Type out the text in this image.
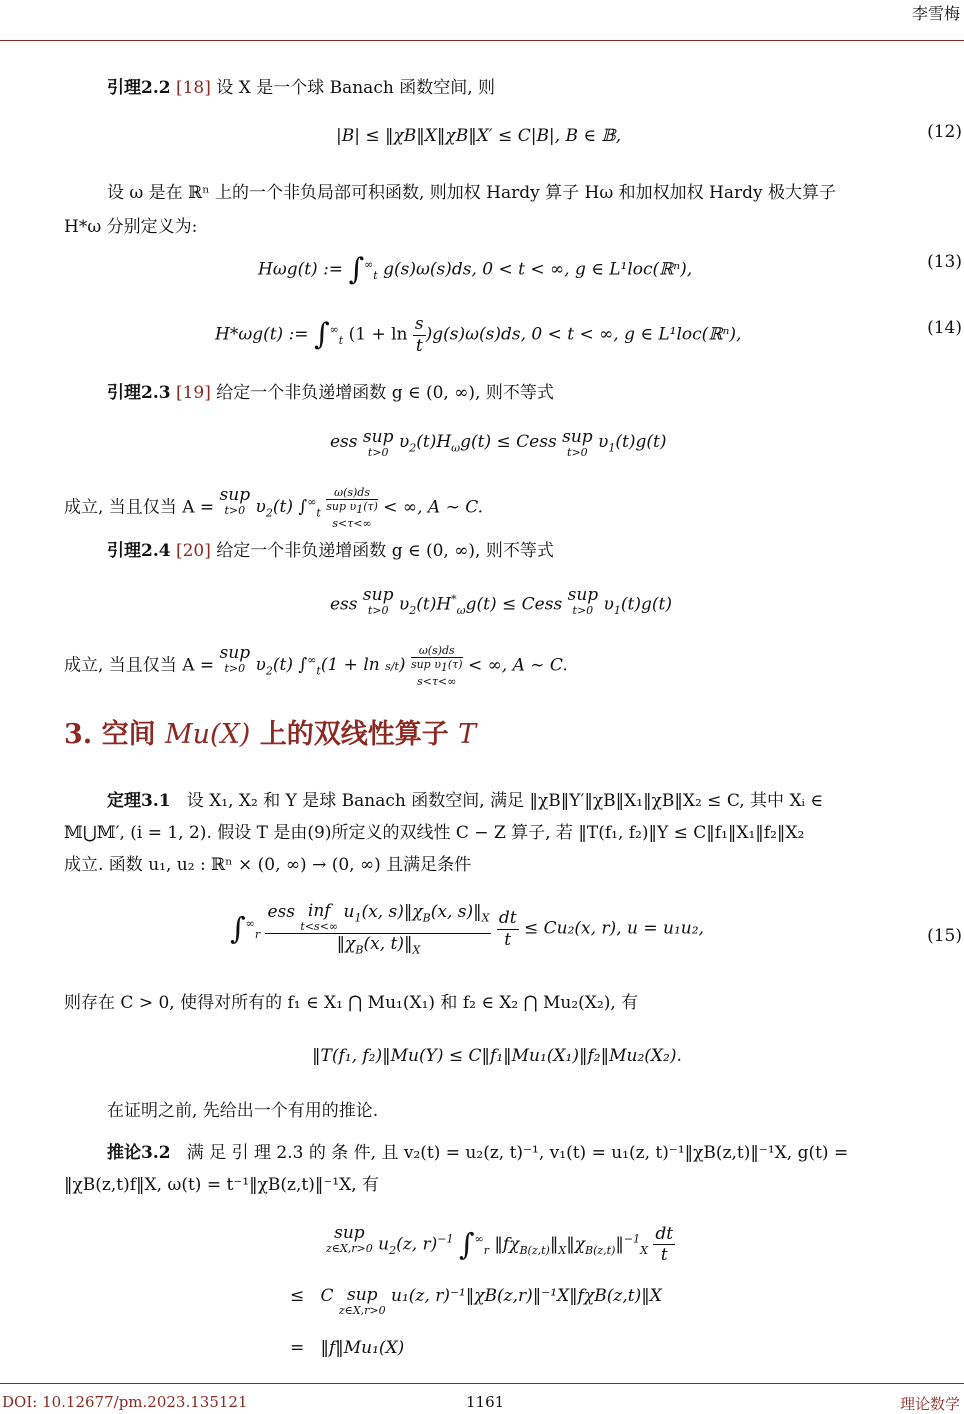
李雪梅
引理2.2 [18] 设 X 是一个球 Banach 函数空间, 则
|B| ≤ ‖χB‖X‖χB‖X′ ≤ C|B|, B ∈ 𝔹,	(12)
设 ω 是在 ℝⁿ 上的一个非负局部可积函数, 则加权 Hardy 算子 Hω 和加权加权 Hardy 极大算子
H*ω 分别定义为:
Hωg(t) := $\int^\infty_t$ g(s)ω(s)ds, 0 < t < ∞, g ∈ L¹loc(ℝⁿ),	(13)
H*ωg(t) := $\int^\infty_t$ $(1 + \ln \frac{s}{t} )g(s)\omega(s)ds$, 0 < t < ∞, g ∈ L¹loc(ℝⁿ),	(14)
引理2.3 [19] 给定一个非负递增函数 g ∈ (0, ∞), 则不等式
ess sup
t>0
$\upsilon_2(t)H_\omega g(t)$ ≤ Cess sup
t>0
$\upsilon_1(t)g(t)$
成立, 当且仅当 A =
sup
t>0 $\upsilon_2(t)$ $\int^\infty_t$
ω(s)ds
sup $\upsilon_1(\tau)$
s<τ<∞
< ∞, A ∼ C.
引理2.4 [20] 给定一个非负递增函数 g ∈ (0, ∞), 则不等式
ess sup
t>0 $\upsilon_2(t)H^*_\omega g(t)$ ≤ Cess sup
t>0 $\upsilon_1(t)g(t)$
成立, 当且仅当 A =
sup
t>0 $\upsilon_2(t) \int^\infty_t(1 + \ln s/t)$
ω(s)ds
sup $\upsilon_1(\tau)$
s<τ<∞
< ∞, A ∼ C.
3. 空间 Mu(X) 上的双线性算子 T
定理3.1 设 X₁, X₂ 和 Y 是球 Banach 函数空间, 满足 ‖χB‖Y′‖χB‖X₁‖χB‖X₂ ≤ C, 其中 Xᵢ ∈
𝕄⋃𝕄′, (i = 1, 2). 假设 T 是由(9)所定义的双线性 C − Z 算子, 若 ‖T(f₁, f₂)‖Y ≤ C‖f₁‖X₁‖f₂‖X₂
成立. 函数 u₁, u₂ : ℝⁿ × (0, ∞) → (0, ∞) 且满足条件
$\int^\infty_r$ ess inf
t<s<∞
$u_1(x$, $s)‖\chi_B(x$, $s)‖_X$
$‖\chi_B(x$, $t)‖_X$
$\frac{dt}{t} \le Cu_2(x$, r), u = u₁u₂,	(15)
则存在 C > 0, 使得对所有的 f₁ ∈ X₁ ⋂ Mu₁(X₁) 和 f₂ ∈ X₂ ⋂ Mu₂(X₂), 有
‖T(f₁, f₂)‖Mu(Y) ≤ C‖f₁‖Mu₁(X₁)‖f₂‖Mu₂(X₂).
在证明之前, 先给出一个有用的推论.
推论3.2 满 足 引 理 2.3 的 条 件, 且 v₂(t) = u₂(z, t)⁻¹, v₁(t) = u₁(z, t)⁻¹‖χB(z,t)‖⁻¹X, g(t) =
‖χB(z,t)f‖X, ω(t) = t⁻¹‖χB(z,t)‖⁻¹X, 有
sup
z∈X,r>0 $u_2(z$, r)$^{-1}$ $\int^\infty_r$ $‖f\chi_{B(z,t)}‖_X‖\chi_{B(z,t)}‖^{-1}_X \frac{dt}{t}$
≤   C sup
z∈X,r>0
u₁(z, r)⁻¹‖χB(z,r)‖⁻¹X‖fχB(z,t)‖X
= ‖f‖Mu₁(X)
DOI: 10.12677/pm.2023.135121	1161	理论数学
